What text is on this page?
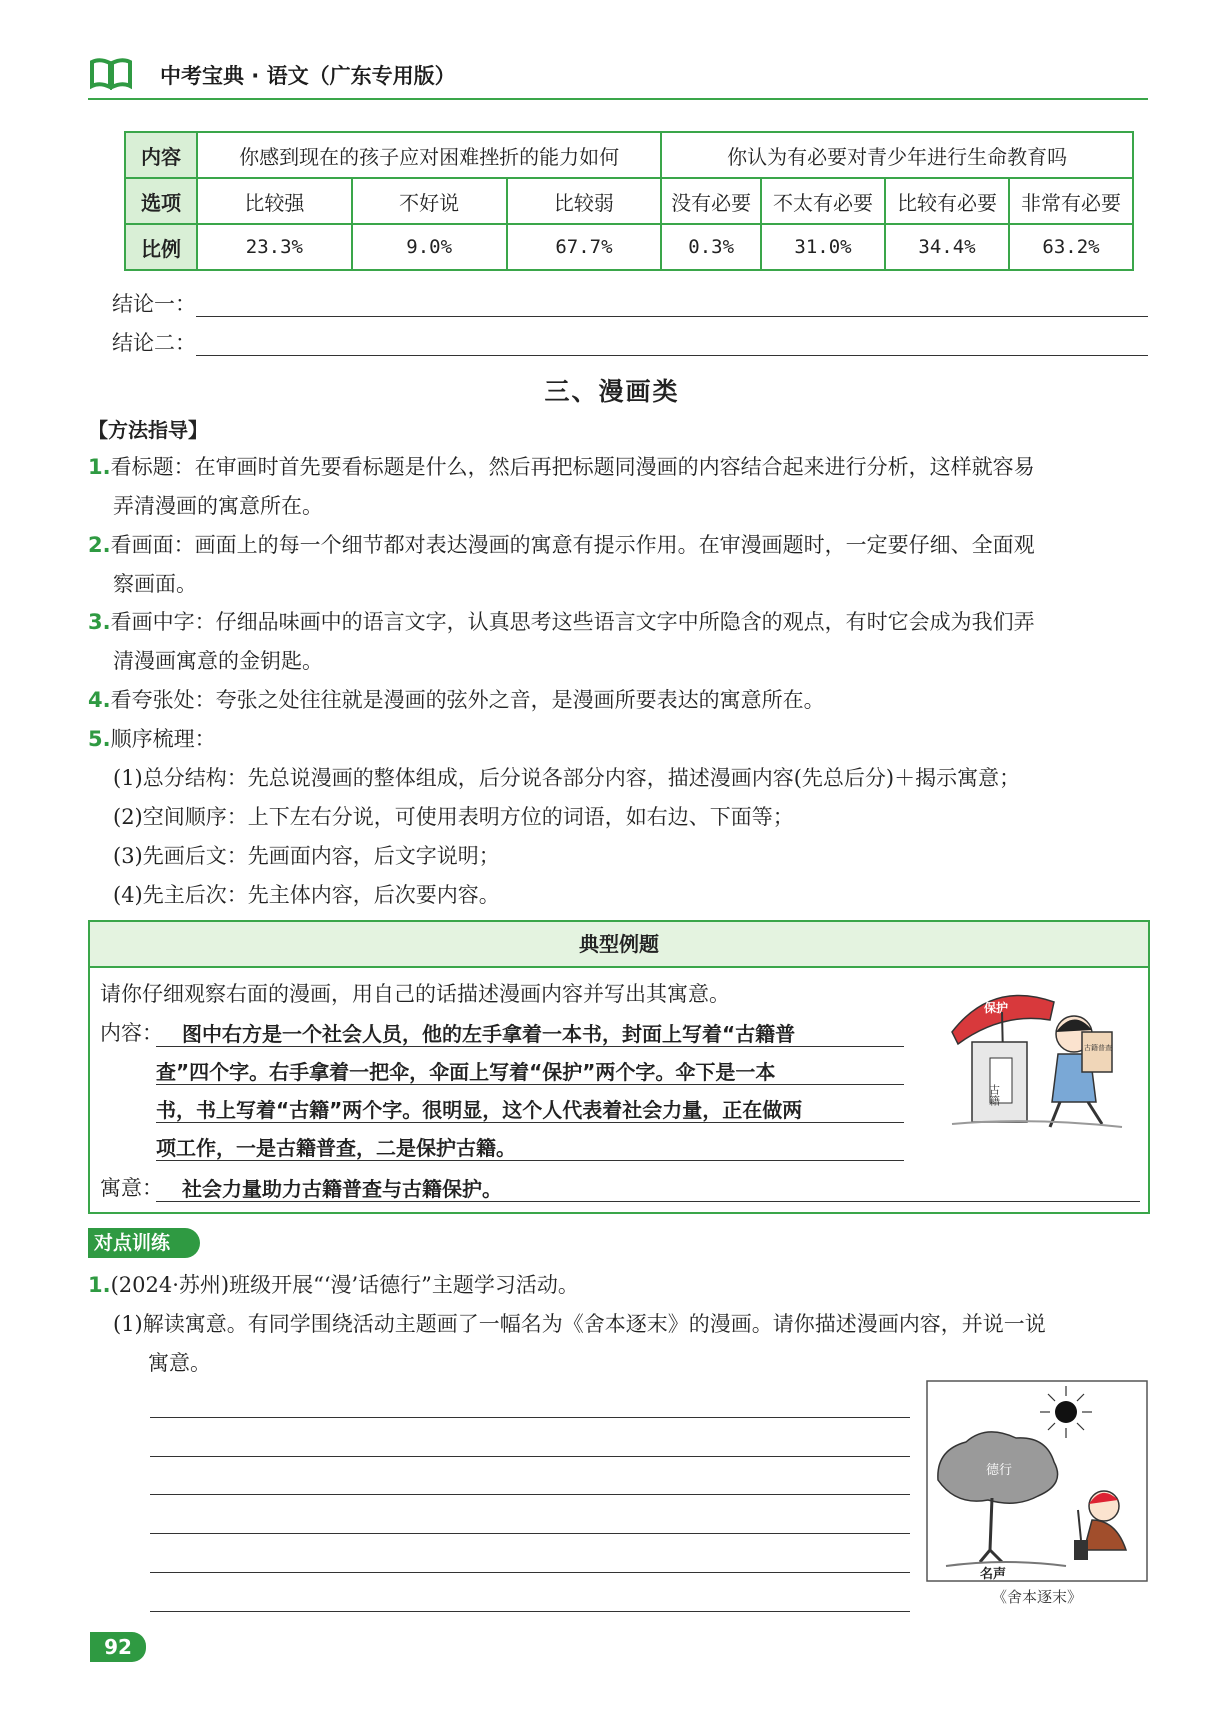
中考宝典 · 语文（广东专用版）
内容	你感到现在的孩子应对困难挫折的能力如何			你认为有必要对青少年进行生命教育吗			
选项	比较强	不好说	比较弱	没有必要	不太有必要	比较有必要	非常有必要
比例	23.3%	9.0%	67.7%	0.3%	31.0%	34.4%	63.2%
结论一：
结论二：
三、漫画类
【方法指导】
1.看标题：在审画时首先要看标题是什么，然后再把标题同漫画的内容结合起来进行分析，这样就容易
弄清漫画的寓意所在。
2.看画面：画面上的每一个细节都对表达漫画的寓意有提示作用。在审漫画题时，一定要仔细、全面观
察画面。
3.看画中字：仔细品味画中的语言文字，认真思考这些语言文字中所隐含的观点，有时它会成为我们弄
清漫画寓意的金钥匙。
4.看夸张处：夸张之处往往就是漫画的弦外之音，是漫画所要表达的寓意所在。
5.顺序梳理：
(1)总分结构：先总说漫画的整体组成，后分说各部分内容，描述漫画内容(先总后分)＋揭示寓意；
(2)空间顺序：上下左右分说，可使用表明方位的词语，如右边、下面等；
(3)先画后文：先画面内容，后文字说明；
(4)先主后次：先主体内容，后次要内容。
典型例题
请你仔细观察右面的漫画，用自己的话描述漫画内容并写出其寓意。
内容： 图中右方是一个社会人员，他的左手拿着一本书，封面上写着“古籍普
查”四个字。右手拿着一把伞，伞面上写着“保护”两个字。伞下是一本
书，书上写着“古籍”两个字。很明显，这个人代表着社会力量，正在做两
项工作，一是古籍普查，二是保护古籍。
寓意： 社会力量助力古籍普查与古籍保护。
保护
古籍
古籍普查
对点训练
1.(2024·苏州)班级开展“‘漫’话德行”主题学习活动。
(1)解读寓意。有同学围绕活动主题画了一幅名为《舍本逐末》的漫画。请你描述漫画内容，并说一说
寓意。
德行
名声
《舍本逐末》
92
